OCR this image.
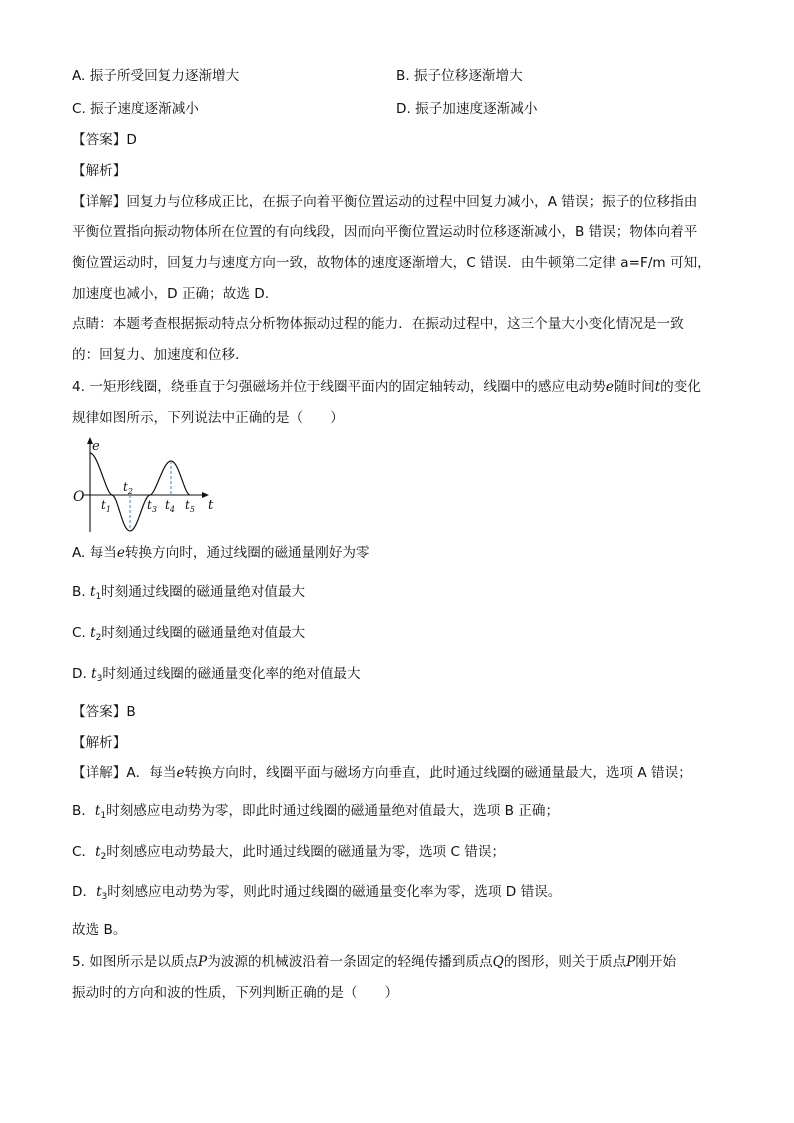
A. 振子所受回复力逐渐增大	B. 振子位移逐渐增大
C. 振子速度逐渐减小	D. 振子加速度逐渐减小
【答案】D
【解析】
【详解】回复力与位移成正比，在振子向着平衡位置运动的过程中回复力减小，A 错误；振子的位移指由
平衡位置指向振动物体所在位置的有向线段，因而向平衡位置运动时位移逐渐减小，B 错误；物体向着平
衡位置运动时，回复力与速度方向一致，故物体的速度逐渐增大，C 错误．由牛顿第二定律 a=F/m 可知，
加速度也减小，D 正确；故选 D.
点睛：本题考查根据振动特点分析物体振动过程的能力．在振动过程中，这三个量大小变化情况是一致
的：回复力、加速度和位移．
4. 一矩形线圈，绕垂直于匀强磁场并位于线圈平面内的固定轴转动，线圈中的感应电动势e随时间t的变化
规律如图所示，下列说法中正确的是（　　）
e
O
t
$t_1$
$t_2$
$t_3$ $t_4$ $t_5$
A. 每当e转换方向时，通过线圈的磁通量刚好为零
B. $t_1$时刻通过线圈的磁通量绝对值最大
C. $t_2$时刻通过线圈的磁通量绝对值最大
D. $t_3$时刻通过线圈的磁通量变化率的绝对值最大
【答案】B
【解析】
【详解】A．每当e转换方向时，线圈平面与磁场方向垂直，此时通过线圈的磁通量最大，选项 A 错误；
B．$t_1$时刻感应电动势为零，即此时通过线圈的磁通量绝对值最大，选项 B 正确；
C．$t_2$时刻感应电动势最大，此时通过线圈的磁通量为零，选项 C 错误；
D．$t_3$时刻感应电动势为零，则此时通过线圈的磁通量变化率为零，选项 D 错误。
故选 B。
5. 如图所示是以质点P为波源的机械波沿着一条固定的轻绳传播到质点Q的图形，则关于质点P刚开始
振动时的方向和波的性质，下列判断正确的是（　　）
